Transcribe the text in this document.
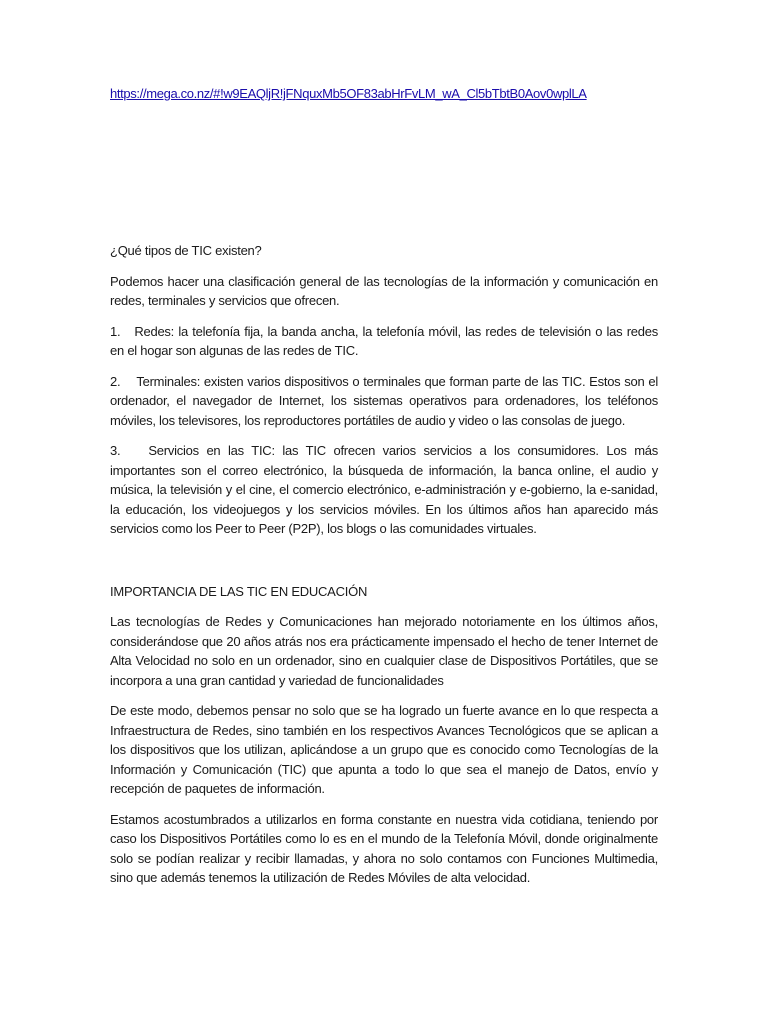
https://mega.co.nz/#!w9EAQljR!jFNquxMb5OF83abHrFvLM_wA_Cl5bTbtB0Aov0wplLA

¿Qué tipos de TIC existen?

Podemos hacer una clasificación general de las tecnologías de la información y comunicación en redes, terminales y servicios que ofrecen.

1. Redes: la telefonía fija, la banda ancha, la telefonía móvil, las redes de televisión o las redes en el hogar son algunas de las redes de TIC.

2. Terminales: existen varios dispositivos o terminales que forman parte de las TIC. Estos son el ordenador, el navegador de Internet, los sistemas operativos para ordenadores, los teléfonos móviles, los televisores, los reproductores portátiles de audio y video o las consolas de juego.

3. Servicios en las TIC: las TIC ofrecen varios servicios a los consumidores. Los más importantes son el correo electrónico, la búsqueda de información, la banca online, el audio y música, la televisión y el cine, el comercio electrónico, e-administración y e-gobierno, la e-sanidad, la educación, los videojuegos y los servicios móviles. En los últimos años han aparecido más servicios como los Peer to Peer (P2P), los blogs o las comunidades virtuales.

IMPORTANCIA DE LAS TIC EN EDUCACIÓN

Las tecnologías de Redes y Comunicaciones han mejorado notoriamente en los últimos años, considerándose que 20 años atrás nos era prácticamente impensado el hecho de tener Internet de Alta Velocidad no solo en un ordenador, sino en cualquier clase de Dispositivos Portátiles, que se incorpora a una gran cantidad y variedad de funcionalidades

De este modo, debemos pensar no solo que se ha logrado un fuerte avance en lo que respecta a Infraestructura de Redes, sino también en los respectivos Avances Tecnológicos que se aplican a los dispositivos que los utilizan, aplicándose a un grupo que es conocido como Tecnologías de la Información y Comunicación (TIC) que apunta a todo lo que sea el manejo de Datos, envío y recepción de paquetes de información.

Estamos acostumbrados a utilizarlos en forma constante en nuestra vida cotidiana, teniendo por caso los Dispositivos Portátiles como lo es en el mundo de la Telefonía Móvil, donde originalmente solo se podían realizar y recibir llamadas, y ahora no solo contamos con Funciones Multimedia, sino que además tenemos la utilización de Redes Móviles de alta velocidad.
